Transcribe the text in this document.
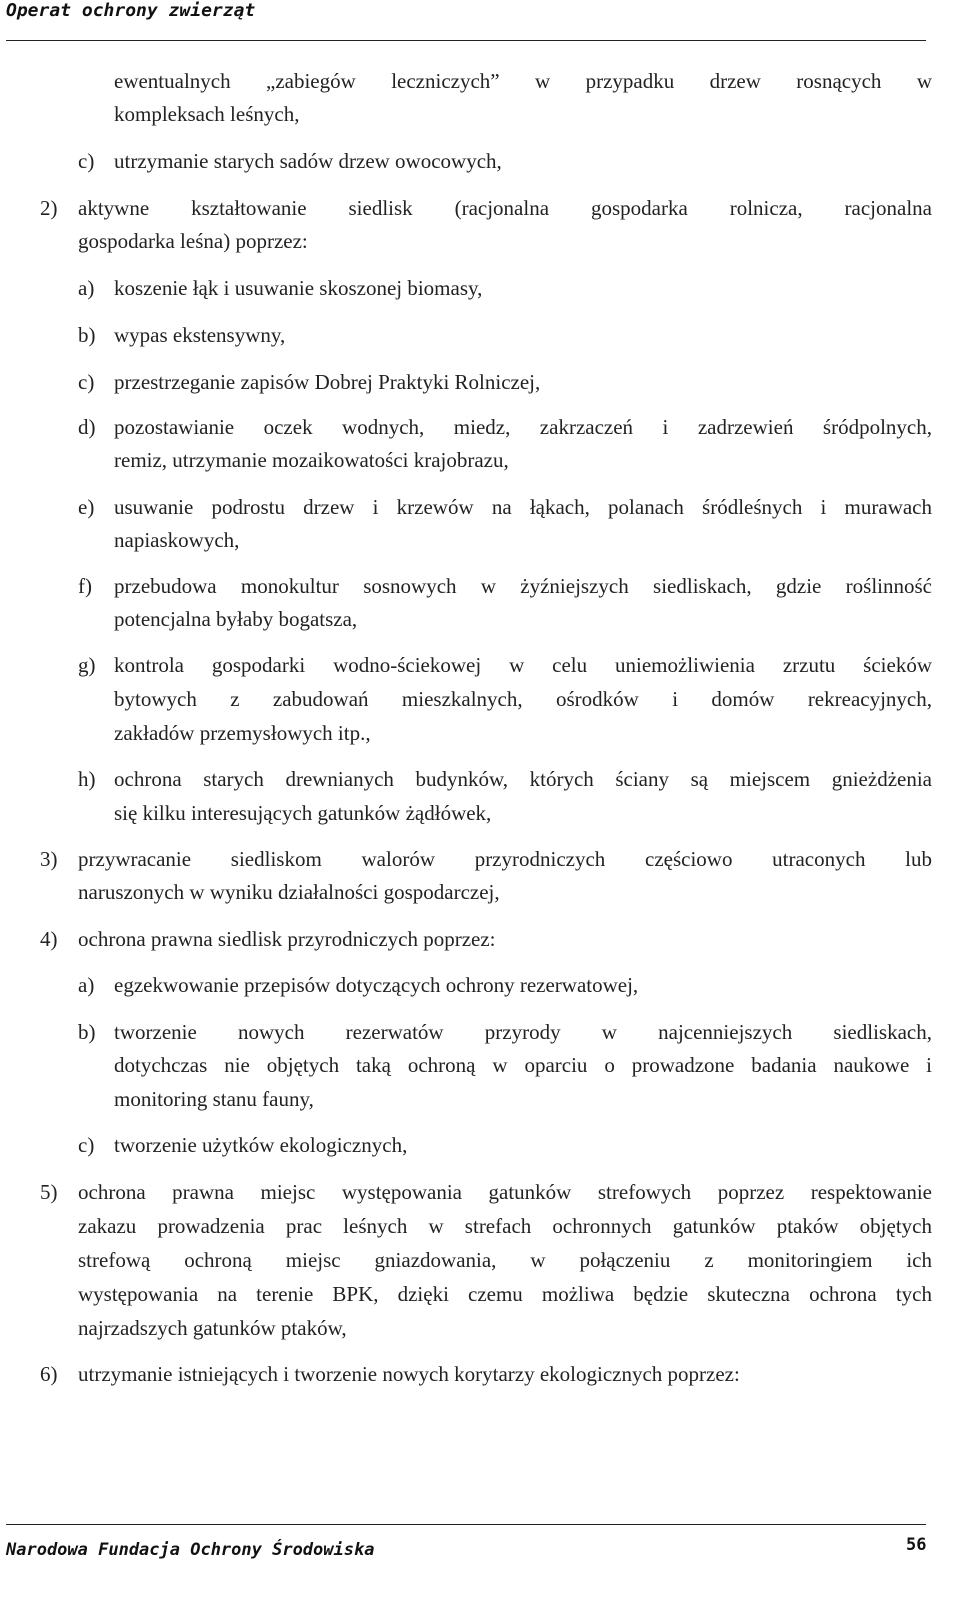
Operat ochrony zwierząt
ewentualnych „zabiegów leczniczych” w przypadku drzew rosnących w
kompleksach leśnych,
c) utrzymanie starych sadów drzew owocowych,
2) aktywne kształtowanie siedlisk (racjonalna gospodarka rolnicza, racjonalna
gospodarka leśna) poprzez:
a) koszenie łąk i usuwanie skoszonej biomasy,
b) wypas ekstensywny,
c) przestrzeganie zapisów Dobrej Praktyki Rolniczej,
d) pozostawianie oczek wodnych, miedz, zakrzaczeń i zadrzewień śródpolnych,
remiz, utrzymanie mozaikowatości krajobrazu,
e) usuwanie podrostu drzew i krzewów na łąkach, polanach śródleśnych i murawach
napiaskowych,
f) przebudowa monokultur sosnowych w żyźniejszych siedliskach, gdzie roślinność
potencjalna byłaby bogatsza,
g) kontrola gospodarki wodno-ściekowej w celu uniemożliwienia zrzutu ścieków
bytowych z zabudowań mieszkalnych, ośrodków i domów rekreacyjnych,
zakładów przemysłowych itp.,
h) ochrona starych drewnianych budynków, których ściany są miejscem gnieżdżenia
się kilku interesujących gatunków żądłówek,
3) przywracanie siedliskom walorów przyrodniczych częściowo utraconych lub
naruszonych w wyniku działalności gospodarczej,
4) ochrona prawna siedlisk przyrodniczych poprzez:
a) egzekwowanie przepisów dotyczących ochrony rezerwatowej,
b) tworzenie nowych rezerwatów przyrody w najcenniejszych siedliskach,
dotychczas nie objętych taką ochroną w oparciu o prowadzone badania naukowe i
monitoring stanu fauny,
c) tworzenie użytków ekologicznych,
5) ochrona prawna miejsc występowania gatunków strefowych poprzez respektowanie
zakazu prowadzenia prac leśnych w strefach ochronnych gatunków ptaków objętych
strefową ochroną miejsc gniazdowania, w połączeniu z monitoringiem ich
występowania na terenie BPK, dzięki czemu możliwa będzie skuteczna ochrona tych
najrzadszych gatunków ptaków,
6) utrzymanie istniejących i tworzenie nowych korytarzy ekologicznych poprzez:
Narodowa Fundacja Ochrony Środowiska	56
